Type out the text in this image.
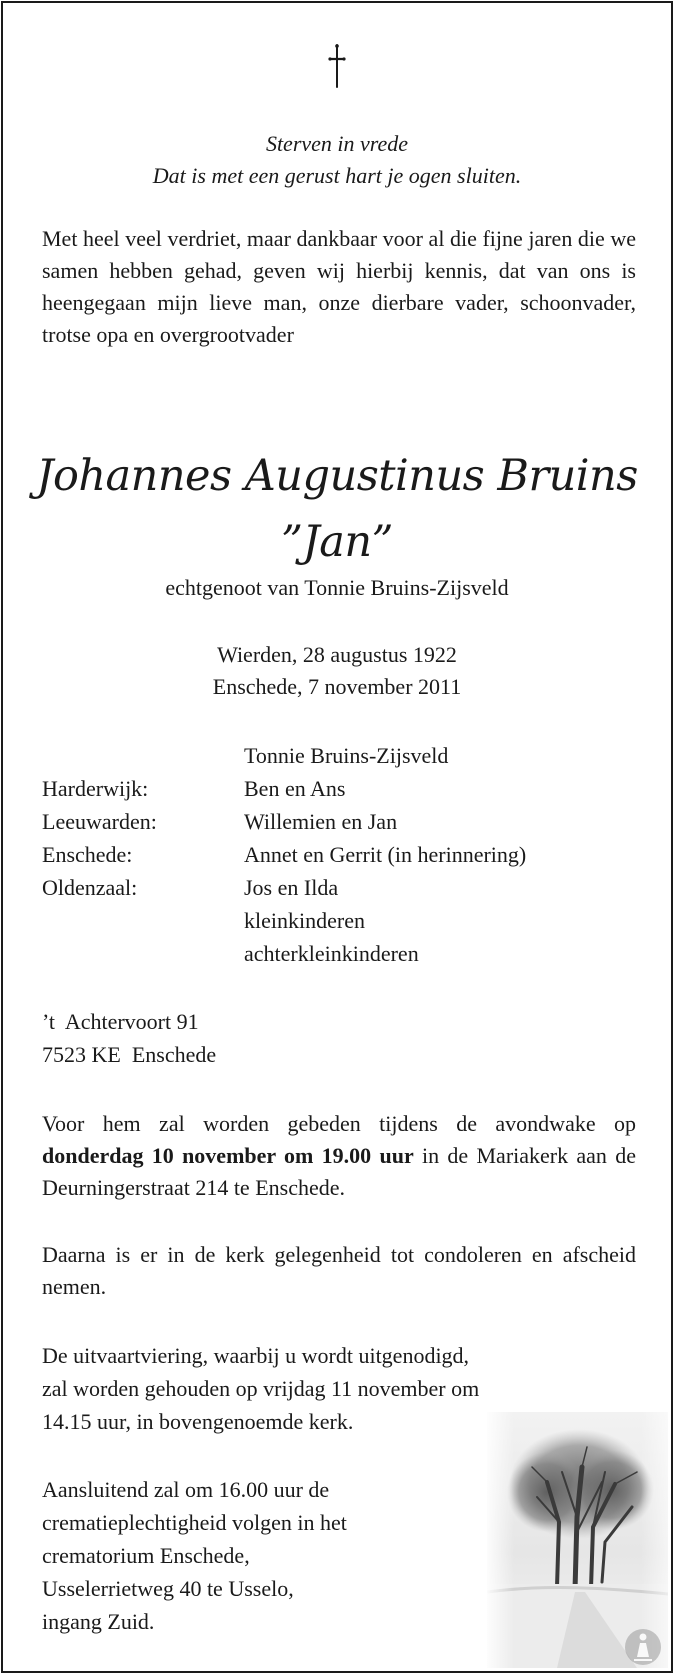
Sterven in vrede
Dat is met een gerust hart je ogen sluiten.
Met heel veel verdriet, maar dankbaar voor al die fijne jaren die we samen hebben gehad, geven wij hierbij kennis, dat van ons is heengegaan mijn lieve man, onze dierbare vader, schoonvader, trotse opa en overgrootvader
Johannes Augustinus Bruins
”Jan”
echtgenoot van Tonnie Bruins-Zijsveld
Wierden, 28 augustus 1922
Enschede, 7 november 2011
Tonnie Bruins-Zijsveld
Harderwijk:	Ben en Ans
Leeuwarden:	Willemien en Jan
Enschede:	Annet en Gerrit (in herinnering)
Oldenzaal:	Jos en Ilda
kleinkinderen
achterkleinkinderen
’t  Achtervoort 91
7523 KE  Enschede
Voor hem zal worden gebeden tijdens de avondwake op donderdag 10 november om 19.00 uur in de Mariakerk aan de Deurningerstraat 214 te Enschede.
Daarna is er in de kerk gelegenheid tot condoleren en afscheid nemen.
De uitvaartviering, waarbij u wordt uitgenodigd,
zal worden gehouden op vrijdag 11 november om
14.15 uur, in bovengenoemde kerk.
Aansluitend zal om 16.00 uur de
crematieplechtigheid volgen in het
crematorium Enschede,
Usselerrietweg 40 te Usselo,
ingang Zuid.
